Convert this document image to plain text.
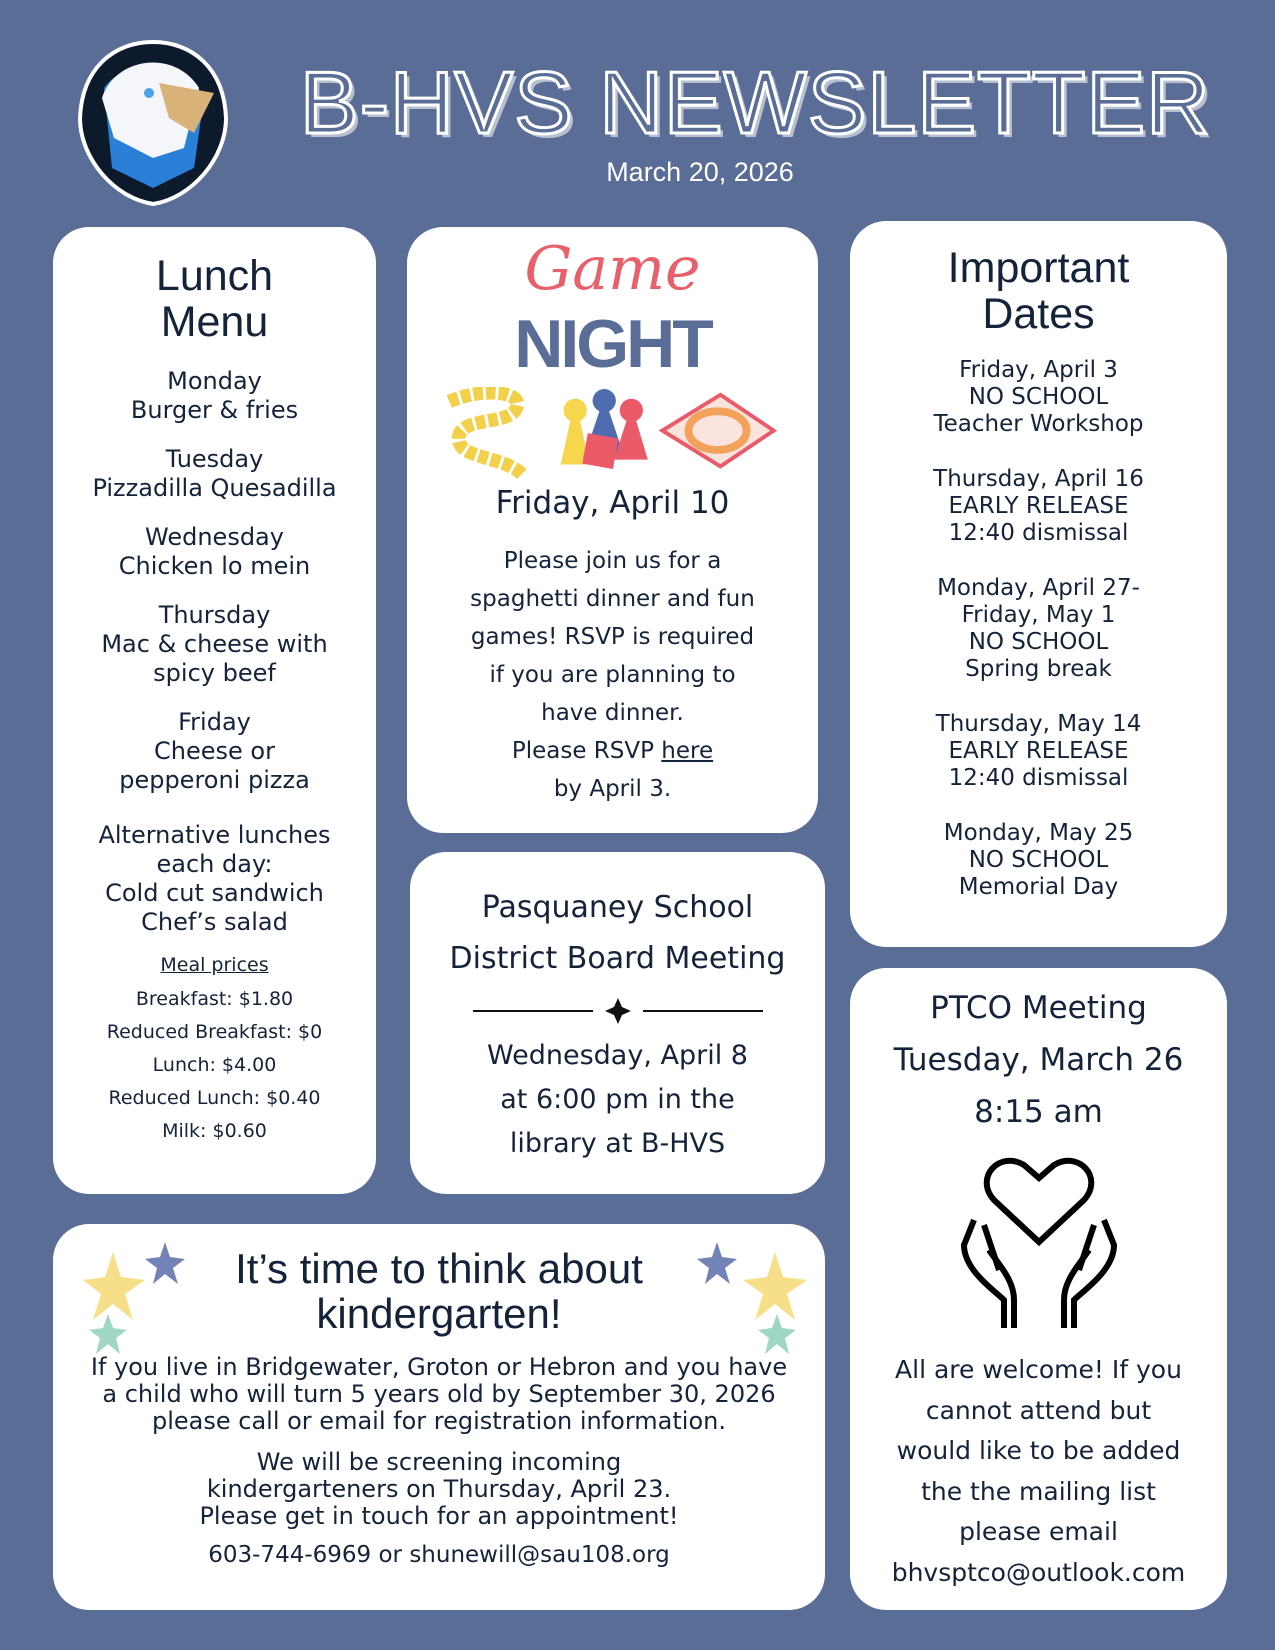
B-HVS NEWSLETTER
March 20, 2026
Lunch
Menu
Monday
Burger & fries
Tuesday
Pizzadilla Quesadilla
Wednesday
Chicken lo mein
Thursday
Mac & cheese with
spicy beef
Friday
Cheese or
pepperoni pizza
Alternative lunches
each day:
Cold cut sandwich
Chef’s salad
Meal prices
Breakfast: $1.80
Reduced Breakfast: $0
Lunch: $4.00
Reduced Lunch: $0.40
Milk: $0.60
Game
NIGHT
Friday, April 10

Please join us for a

spaghetti dinner and fun

games! RSVP is required

if you are planning to

have dinner.

Please RSVP here

by April 3.

Important
Dates
Friday, April 3
NO SCHOOL
Teacher Workshop
Thursday, April 16
EARLY RELEASE
12:40 dismissal
Monday, April 27-
Friday, May 1
NO SCHOOL
Spring break
Thursday, May 14
EARLY RELEASE
12:40 dismissal
Monday, May 25
NO SCHOOL
Memorial Day
Pasquaney School
District Board Meeting
Wednesday, April 8
at 6:00 pm in the
library at B-HVS
PTCO Meeting
Tuesday, March 26
8:15 am
All are welcome! If you
cannot attend but
would like to be added
the the mailing list
please email
bhvsptco@outlook.com
It’s time to think about
kindergarten!
If you live in Bridgewater, Groton or Hebron and you have
a child who will turn 5 years old by September 30, 2026
please call or email for registration information.
We will be screening incoming
kindergarteners on Thursday, April 23.
Please get in touch for an appointment!
603-744-6969 or shunewill@sau108.org
